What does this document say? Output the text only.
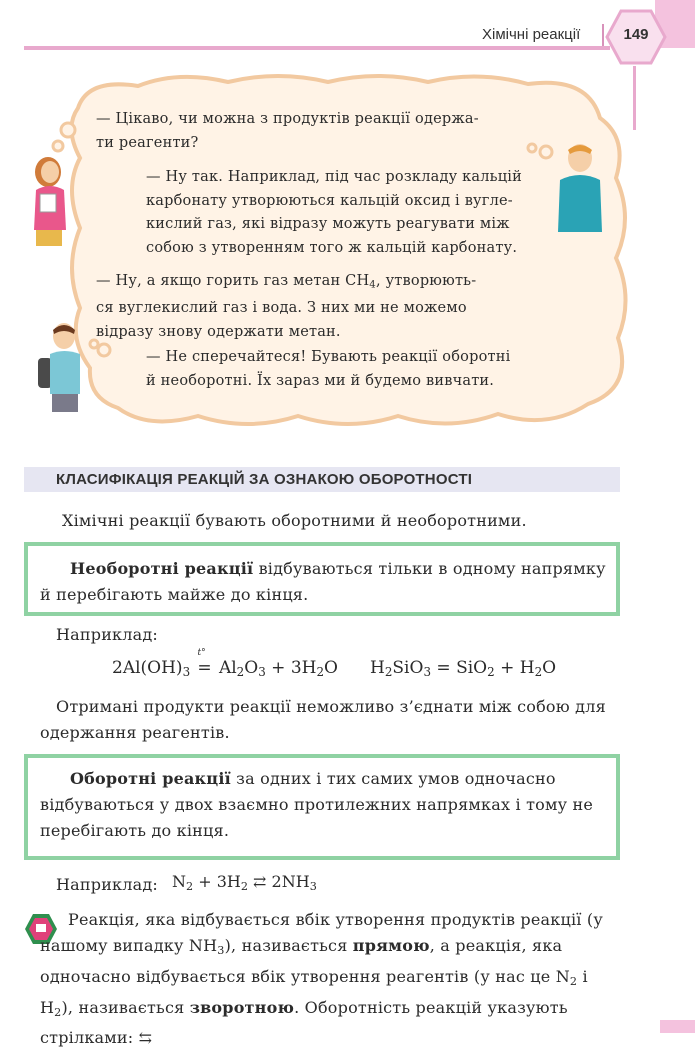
Хімічні реакції	149
— Цікаво, чи можна з продуктів реакції одержа-
ти реагенти?
— Ну так. Наприклад, під час розкладу кальцій
карбонату утворюються кальцій оксид і вугле-
кислий газ, які відразу можуть реагувати між
собою з утворенням того ж кальцій карбонату.
— Ну, а якщо горить газ метан $CH_4$, утворюють-
ся вуглекислий газ і вода. З них ми не можемо
відразу знову одержати метан.
— Не сперечайтеся! Бувають реакції оборотні
й необоротні. Їх зараз ми й будемо вивчати.
КЛАСИФІКАЦІЯ РЕАКЦІЙ ЗА ОЗНАКОЮ ОБОРОТНОСТІ
Хімічні реакції бувають оборотними й необоротними.
Необоротні реакції відбуваються тільки в одному напрямку й перебігають майже до кінця.
Наприклад:
$2Al(OH)_3$ =
t°
$Al_2O_3 + 3H_2O$ $H_2SiO_3 = SiO_2 + H_2O$
Отримані продукти реакції неможливо з’єднати між собою для одержання реагентів.
Оборотні реакції за одних і тих самих умов одночасно відбуваються у двох взаємно протилежних напрямках і тому не перебігають до кінця.
Наприклад: $N_2 + 3H_2$ ⇄ $2NH_3$
Реакція, яка відбувається вбік утворення продуктів реакції (у нашому випадку $NH_3$), називається прямою, а реакція, яка одночасно відбувається вбік утворення реагентів (у нас це $N_2$ і $H_2$), називається зворотною. Оборотність реакцій указують стрілками: ⇆
